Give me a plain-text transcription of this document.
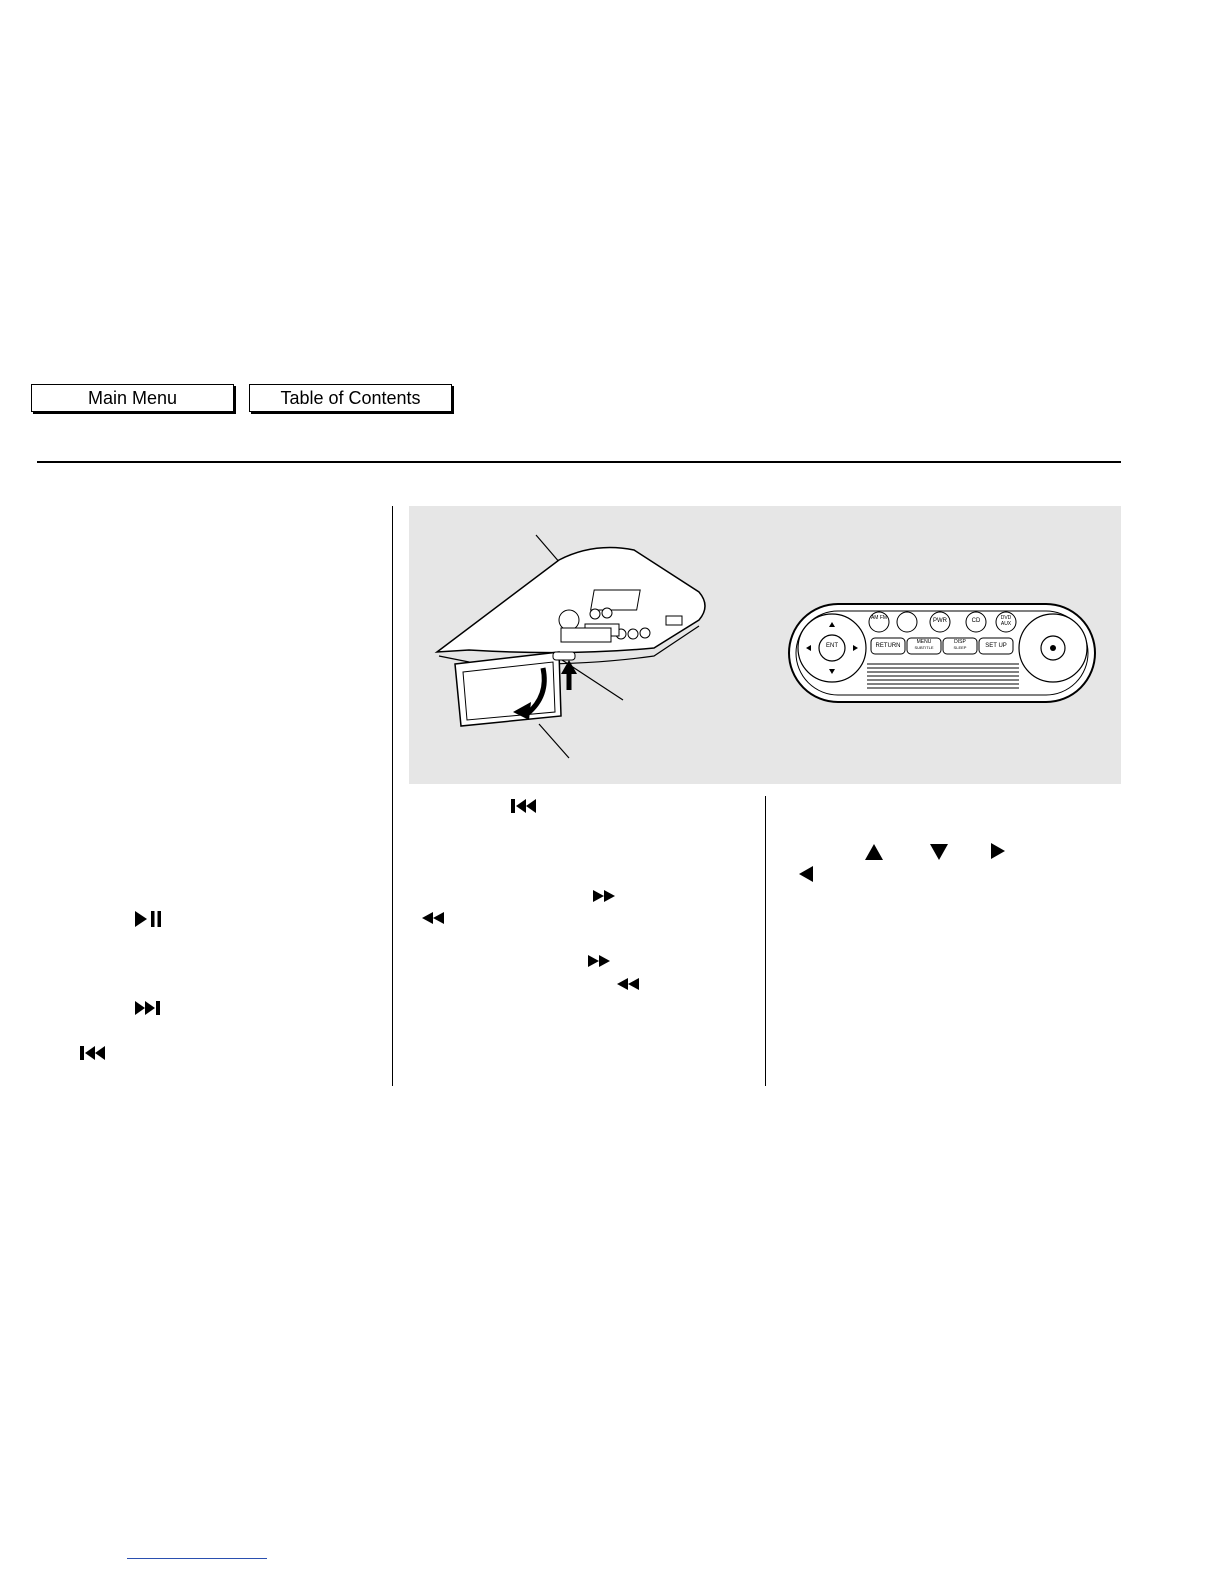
Main Menu	Table of Contents
ENT
AM FM	PWR	CD	DVD AUX
RETURN
MENU
SUBTITLE
DISP
SLEEP	SET UP
